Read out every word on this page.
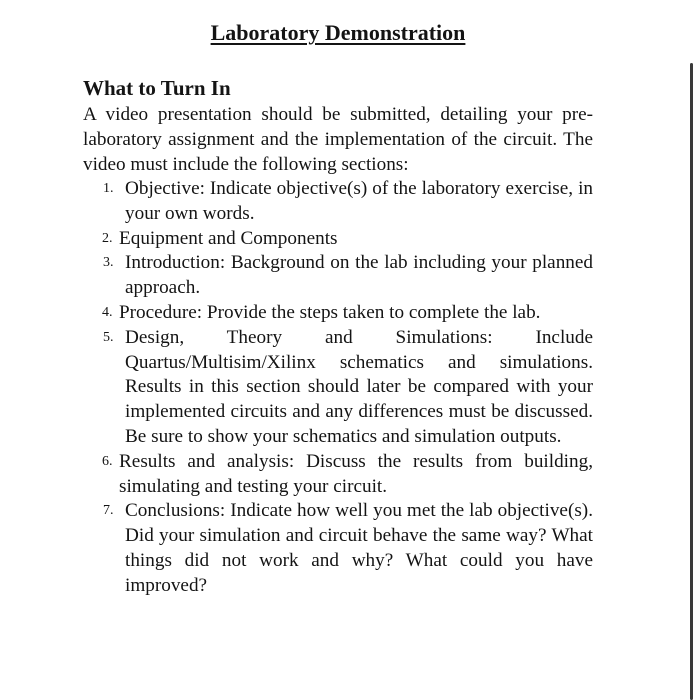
Laboratory Demonstration
What to Turn In

A video presentation should be submitted, detailing your pre-laboratory assignment and the implementation of the circuit. The video must include the following sections:

1. Objective: Indicate objective(s) of the laboratory exercise, in your own words.
2. Equipment and Components
3. Introduction: Background on the lab including your planned approach.
4. Procedure: Provide the steps taken to complete the lab.
5. Design, Theory and Simulations: Include Quartus/Multisim/Xilinx schematics and simulations. Results in this section should later be compared with your implemented circuits and any differences must be discussed. Be sure to show your schematics and simulation outputs.
6. Results and analysis: Discuss the results from building, simulating and testing your circuit.
7. Conclusions: Indicate how well you met the lab objective(s). Did your simulation and circuit behave the same way? What things did not work and why? What could you have improved?
